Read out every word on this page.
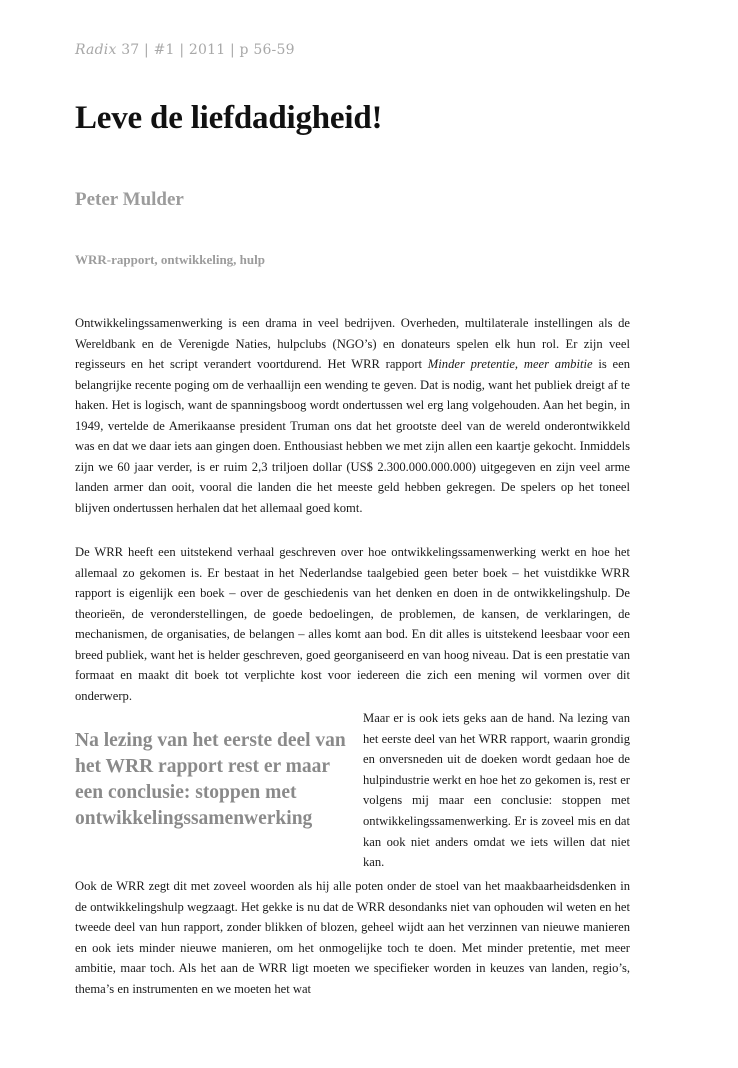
Radix 37 | #1 | 2011 | p 56-59
Leve de liefdadigheid!
Peter Mulder
WRR-rapport, ontwikkeling, hulp
Ontwikkelingssamenwerking is een drama in veel bedrijven. Overheden, multilaterale instellingen als de Wereldbank en de Verenigde Naties, hulpclubs (NGO’s) en donateurs spelen elk hun rol. Er zijn veel regisseurs en het script verandert voortdurend. Het WRR rapport Minder pretentie, meer ambitie is een belangrijke recente poging om de verhaallijn een wending te geven. Dat is nodig, want het publiek dreigt af te haken. Het is logisch, want de spanningsboog wordt ondertussen wel erg lang volgehouden. Aan het begin, in 1949, vertelde de Amerikaanse president Truman ons dat het grootste deel van de wereld onderontwikkeld was en dat we daar iets aan gingen doen. Enthousiast hebben we met zijn allen een kaartje gekocht. Inmiddels zijn we 60 jaar verder, is er ruim 2,3 triljoen dollar (US$ 2.300.000.000.000) uitgegeven en zijn veel arme landen armer dan ooit, vooral die landen die het meeste geld hebben gekregen. De spelers op het toneel blijven ondertussen herhalen dat het allemaal goed komt.
De WRR heeft een uitstekend verhaal geschreven over hoe ontwikkelingssamenwerking werkt en hoe het allemaal zo gekomen is. Er bestaat in het Nederlandse taalgebied geen beter boek – het vuistdikke WRR rapport is eigenlijk een boek – over de geschiedenis van het denken en doen in de ontwikkelingshulp. De theorieën, de veronderstellingen, de goede bedoelingen, de problemen, de kansen, de verklaringen, de mechanismen, de organisaties, de belangen – alles komt aan bod. En dit alles is uitstekend leesbaar voor een breed publiek, want het is helder geschreven, goed georganiseerd en van hoog niveau. Dat is een prestatie van formaat en maakt dit boek tot verplichte kost voor iedereen die zich een mening wil vormen over dit onderwerp.
Na lezing van het eerste deel van het WRR rapport rest er maar een conclusie: stoppen met ontwikkelingssamenwerking
Maar er is ook iets geks aan de hand. Na lezing van het eerste deel van het WRR rapport, waarin grondig en onversneden uit de doeken wordt gedaan hoe de hulpindustrie werkt en hoe het zo gekomen is, rest er volgens mij maar een conclusie: stoppen met ontwikkelingssamenwerking. Er is zoveel mis en dat kan ook niet anders omdat we iets willen dat niet kan.
Ook de WRR zegt dit met zoveel woorden als hij alle poten onder de stoel van het maakbaarheidsdenken in de ontwikkelingshulp wegzaagt. Het gekke is nu dat de WRR desondanks niet van ophouden wil weten en het tweede deel van hun rapport, zonder blikken of blozen, geheel wijdt aan het verzinnen van nieuwe manieren en ook iets minder nieuwe manieren, om het onmogelijke toch te doen. Met minder pretentie, met meer ambitie, maar toch. Als het aan de WRR ligt moeten we specifieker worden in keuzes van landen, regio’s, thema’s en instrumenten en we moeten het wat
